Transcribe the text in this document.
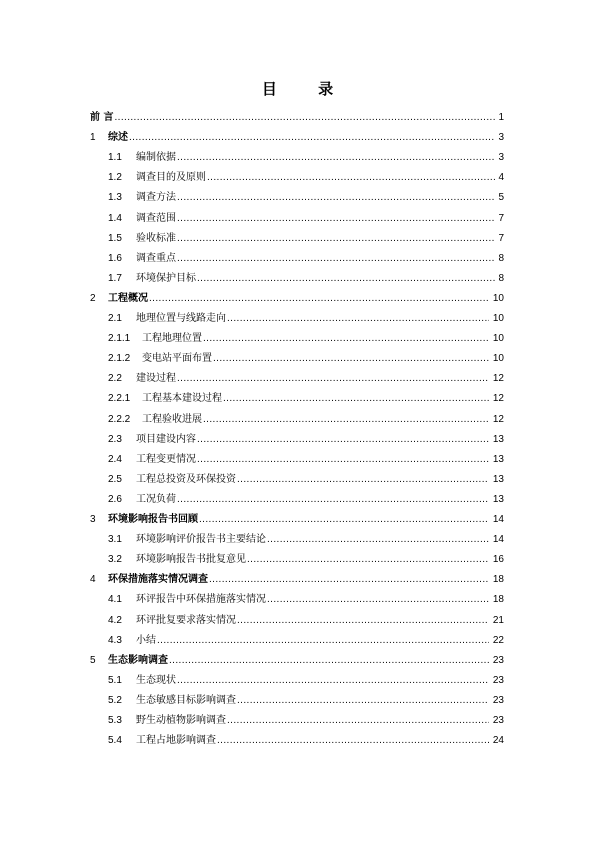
目 录
前 言 .....	1
1	综述 .....	3
1.1	编制依据 .....	3
1.2	调查目的及原则 .....	4
1.3	调查方法 .....	5
1.4	调查范围 .....	7
1.5	验收标准 .....	7
1.6	调查重点 .....	8
1.7	环境保护目标 .....	8
2	工程概况 .....	10
2.1	地理位置与线路走向 .....	10
2.1.1	工程地理位置 .....	10
2.1.2	变电站平面布置 .....	10
2.2	建设过程 .....	12
2.2.1	工程基本建设过程 .....	12
2.2.2	工程验收进展 .....	12
2.3	项目建设内容 .....	13
2.4	工程变更情况 .....	13
2.5	工程总投资及环保投资 .....	13
2.6	工况负荷 .....	13
3	环境影响报告书回顾 .....	14
3.1	环境影响评价报告书主要结论 .....	14
3.2	环境影响报告书批复意见 .....	16
4	环保措施落实情况调查 .....	18
4.1	环评报告中环保措施落实情况 .....	18
4.2	环评批复要求落实情况 .....	21
4.3	小结 .....	22
5	生态影响调查 .....	23
5.1	生态现状 .....	23
5.2	生态敏感目标影响调查 .....	23
5.3	野生动植物影响调查 .....	23
5.4	工程占地影响调查 .....	24
